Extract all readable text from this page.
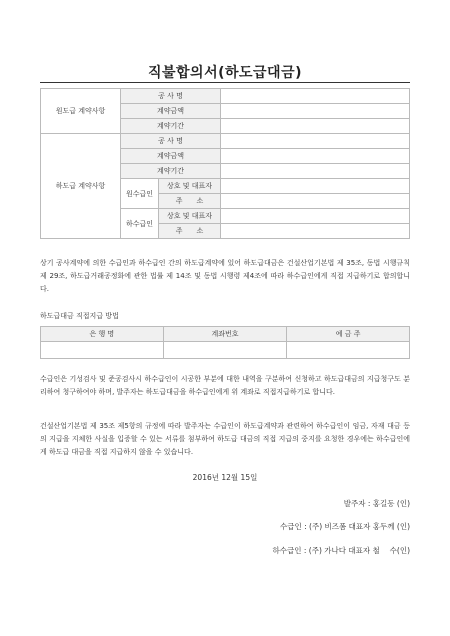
직불합의서(하도급대금)
원도급 계약사항	공 사 명		
	계약금액		
	계약기간		
하도급 계약사항	공 사 명		
	계약금액		
	계약기간		
	원수급인	상호 및 대표자	
		주　　소	
	하수급인	상호 및 대표자	
		주　　소	

상기 공사계약에 의한 수급인과 하수급인 간의 하도급계약에 있어 하도급대금은 건설산업기본법 제 35조, 동법 시행규칙 제 29조, 하도급거래공정화에 관한 법률 제 14조 및 동법 시행령 제4조에 따라 하수급인에게 직접 지급하기로 합의합니다.

하도급대금 직접지급 방법
은 행 명	계좌번호	예 금 주

수급인은 기성검사 및 준공검사시 하수급인이 시공한 부분에 대한 내역을 구분하여 신청하고 하도급대금의 지급청구도 분리하여 청구하여야 하며, 발주자는 하도급대금을 하수급인에게 위 계좌로 직접지급하기로 합니다.

건설산업기본법 제 35조 제5항의 규정에 따라 발주자는 수급인이 하도급계약과 관련하여 하수급인이 임금, 자재 대금 등의 지급을 지체한 사실을 입증할 수 있는 서류를 첨부하여 하도급 대금의 직접 지급의 중지를 요청한 경우에는 하수급인에게 하도급 대금을 직접 지급하지 않을 수 있습니다.

2016년 12월 15일
발주자 : 홍길동 (인)
수급인 : (주) 비즈폼 대표자 홍두께 (인)
하수급인 : (주) 가나다 대표자 철　 수(인)
